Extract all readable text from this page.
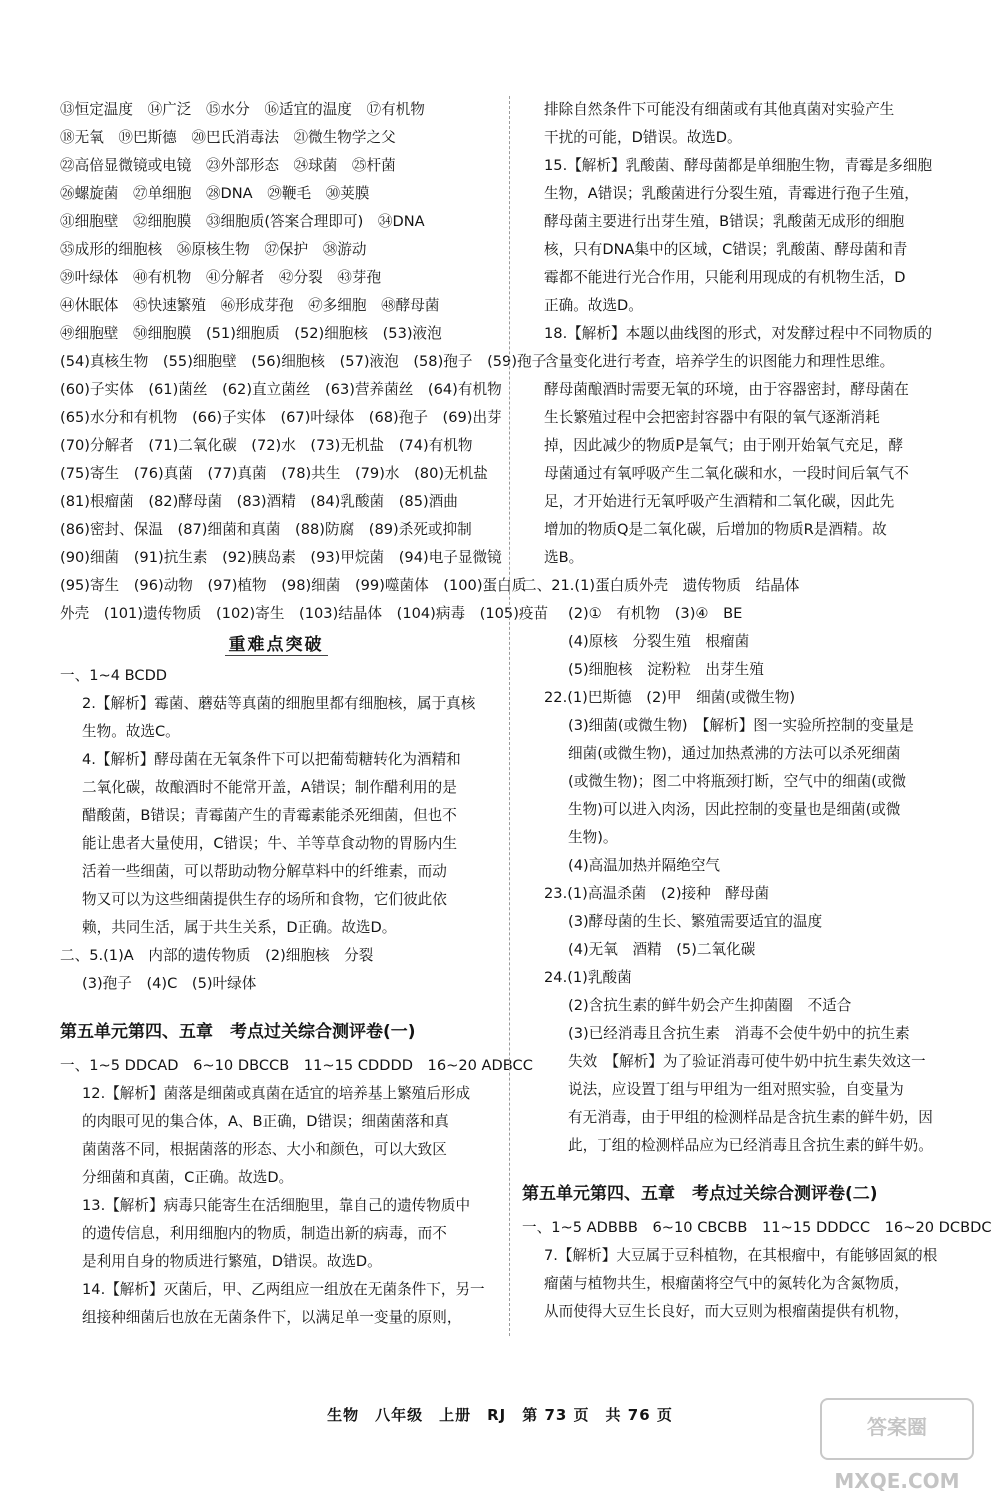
⑬恒定温度　⑭广泛　⑮水分　⑯适宜的温度　⑰有机物
⑱无氧　⑲巴斯德　⑳巴氏消毒法　㉑微生物学之父
㉒高倍显微镜或电镜　㉓外部形态　㉔球菌　㉕杆菌
㉖螺旋菌　㉗单细胞　㉘DNA　㉙鞭毛　㉚荚膜
㉛细胞壁　㉜细胞膜　㉝细胞质(答案合理即可)　㉞DNA
㉟成形的细胞核　㊱原核生物　㊲保护　㊳游动
㊴叶绿体　㊵有机物　㊶分解者　㊷分裂　㊸芽孢
㊹休眠体　㊺快速繁殖　㊻形成芽孢　㊼多细胞　㊽酵母菌
㊾细胞壁　㊿细胞膜　(51)细胞质　(52)细胞核　(53)液泡
(54)真核生物　(55)细胞壁　(56)细胞核　(57)液泡　(58)孢子　(59)孢子
(60)子实体　(61)菌丝　(62)直立菌丝　(63)营养菌丝　(64)有机物
(65)水分和有机物　(66)子实体　(67)叶绿体　(68)孢子　(69)出芽
(70)分解者　(71)二氧化碳　(72)水　(73)无机盐　(74)有机物
(75)寄生　(76)真菌　(77)真菌　(78)共生　(79)水　(80)无机盐
(81)根瘤菌　(82)酵母菌　(83)酒精　(84)乳酸菌　(85)酒曲
(86)密封、保温　(87)细菌和真菌　(88)防腐　(89)杀死或抑制
(90)细菌　(91)抗生素　(92)胰岛素　(93)甲烷菌　(94)电子显微镜
(95)寄生　(96)动物　(97)植物　(98)细菌　(99)噬菌体　(100)蛋白质
外壳　(101)遗传物质　(102)寄生　(103)结晶体　(104)病毒　(105)疫苗
重难点突破
一、1~4 BCDD
2.【解析】霉菌、蘑菇等真菌的细胞里都有细胞核，属于真核
生物。故选C。
4.【解析】酵母菌在无氧条件下可以把葡萄糖转化为酒精和
二氧化碳，故酿酒时不能常开盖，A错误；制作醋利用的是
醋酸菌，B错误；青霉菌产生的青霉素能杀死细菌，但也不
能让患者大量使用，C错误；牛、羊等草食动物的胃肠内生
活着一些细菌，可以帮助动物分解草料中的纤维素，而动
物又可以为这些细菌提供生存的场所和食物，它们彼此依
赖，共同生活，属于共生关系，D正确。故选D。
二、5.(1)A　内部的遗传物质　(2)细胞核　分裂
(3)孢子　(4)C　(5)叶绿体
第五单元第四、五章　考点过关综合测评卷(一)
一、1~5 DDCAD　6~10 DBCCB　11~15 CDDDD　16~20 ADBCC
12.【解析】菌落是细菌或真菌在适宜的培养基上繁殖后形成
的肉眼可见的集合体，A、B正确，D错误；细菌菌落和真
菌菌落不同，根据菌落的形态、大小和颜色，可以大致区
分细菌和真菌，C正确。故选D。
13.【解析】病毒只能寄生在活细胞里，靠自己的遗传物质中
的遗传信息，利用细胞内的物质，制造出新的病毒，而不
是利用自身的物质进行繁殖，D错误。故选D。
14.【解析】灭菌后，甲、乙两组应一组放在无菌条件下，另一
组接种细菌后也放在无菌条件下，以满足单一变量的原则，
排除自然条件下可能没有细菌或有其他真菌对实验产生
干扰的可能，D错误。故选D。
15.【解析】乳酸菌、酵母菌都是单细胞生物，青霉是多细胞
生物，A错误；乳酸菌进行分裂生殖，青霉进行孢子生殖，
酵母菌主要进行出芽生殖，B错误；乳酸菌无成形的细胞
核，只有DNA集中的区域，C错误；乳酸菌、酵母菌和青
霉都不能进行光合作用，只能利用现成的有机物生活，D
正确。故选D。
18.【解析】本题以曲线图的形式，对发酵过程中不同物质的
含量变化进行考查，培养学生的识图能力和理性思维。
酵母菌酿酒时需要无氧的环境，由于容器密封，酵母菌在
生长繁殖过程中会把密封容器中有限的氧气逐渐消耗
掉，因此减少的物质P是氧气；由于刚开始氧气充足，酵
母菌通过有氧呼吸产生二氧化碳和水，一段时间后氧气不
足，才开始进行无氧呼吸产生酒精和二氧化碳，因此先
增加的物质Q是二氧化碳，后增加的物质R是酒精。故
选B。
二、21.(1)蛋白质外壳　遗传物质　结晶体
(2)①　有机物　(3)④　BE
(4)原核　分裂生殖　根瘤菌
(5)细胞核　淀粉粒　出芽生殖
22.(1)巴斯德　(2)甲　细菌(或微生物)
(3)细菌(或微生物)　【解析】图一实验所控制的变量是
细菌(或微生物)，通过加热煮沸的方法可以杀死细菌
(或微生物)；图二中将瓶颈打断，空气中的细菌(或微
生物)可以进入肉汤，因此控制的变量也是细菌(或微
生物)。
(4)高温加热并隔绝空气
23.(1)高温杀菌　(2)接种　酵母菌
(3)酵母菌的生长、繁殖需要适宜的温度
(4)无氧　酒精　(5)二氧化碳
24.(1)乳酸菌
(2)含抗生素的鲜牛奶会产生抑菌圈　不适合
(3)已经消毒且含抗生素　消毒不会使牛奶中的抗生素
失效　【解析】为了验证消毒可使牛奶中抗生素失效这一
说法，应设置丁组与甲组为一组对照实验，自变量为
有无消毒，由于甲组的检测样品是含抗生素的鲜牛奶，因
此，丁组的检测样品应为已经消毒且含抗生素的鲜牛奶。
第五单元第四、五章　考点过关综合测评卷(二)
一、1~5 ADBBB　6~10 CBCBB　11~15 DDDCC　16~20 DCBDC
7.【解析】大豆属于豆科植物，在其根瘤中，有能够固氮的根
瘤菌与植物共生，根瘤菌将空气中的氮转化为含氮物质，
从而使得大豆生长良好，而大豆则为根瘤菌提供有机物，
生物　八年级　上册　RJ　第 73 页　共 76 页	答案圈 MXQE.COM
